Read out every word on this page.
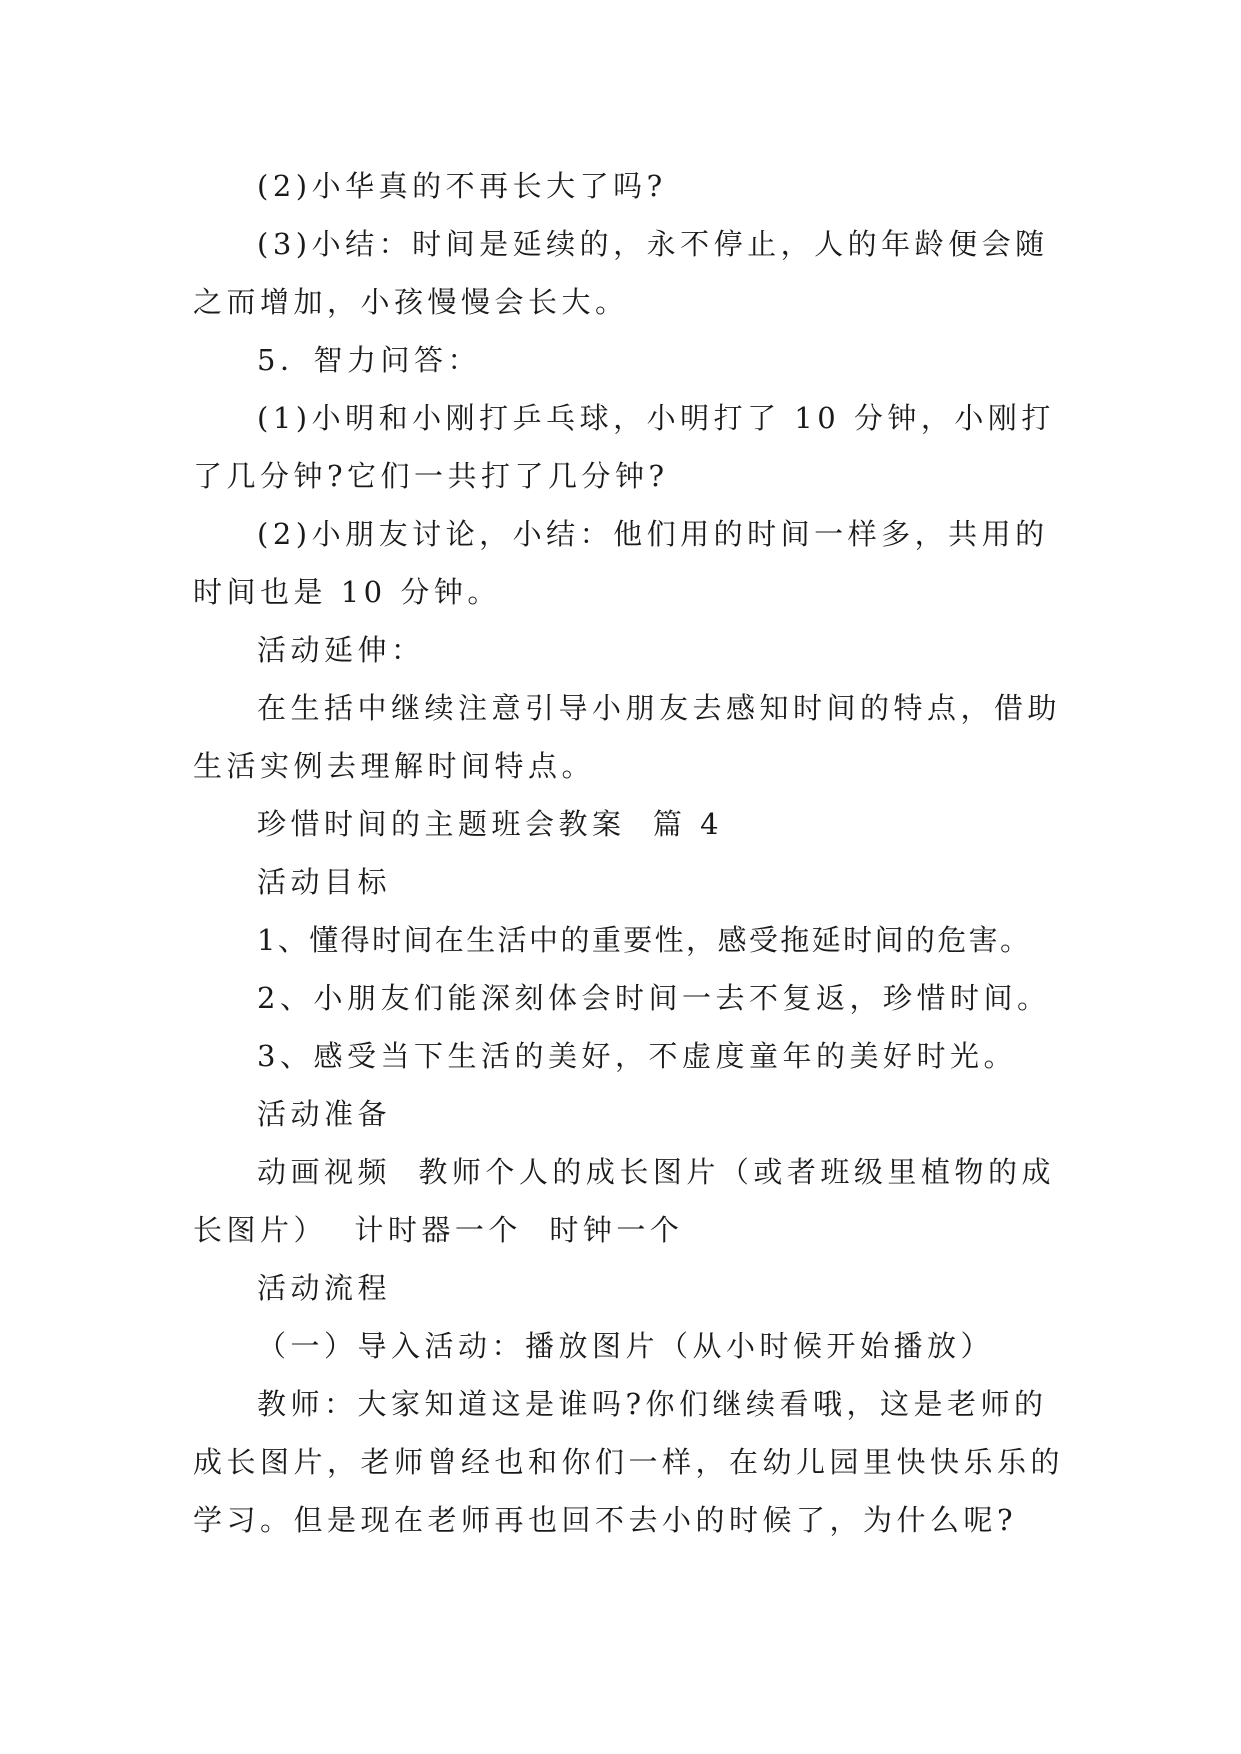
(2)小华真的不再长大了吗?

(3)小结：时间是延续的，永不停止，人的年龄便会随之而增加，小孩慢慢会长大。

5．智力问答：

(1)小明和小刚打乒乓球，小明打了 10 分钟，小刚打了几分钟?它们一共打了几分钟?

(2)小朋友讨论，小结：他们用的时间一样多，共用的时间也是 10 分钟。

活动延伸：

在生括中继续注意引导小朋友去感知时间的特点，借助生活实例去理解时间特点。

珍惜时间的主题班会教案  篇 4

活动目标

1、懂得时间在生活中的重要性，感受拖延时间的危害。

2、小朋友们能深刻体会时间一去不复返，珍惜时间。

3、感受当下生活的美好，不虚度童年的美好时光。

活动准备

动画视频  教师个人的成长图片（或者班级里植物的成长图片）  计时器一个  时钟一个

活动流程

（一）导入活动：播放图片（从小时候开始播放）

教师：大家知道这是谁吗?你们继续看哦，这是老师的成长图片，老师曾经也和你们一样，在幼儿园里快快乐乐的学习。但是现在老师再也回不去小的时候了，为什么呢?
